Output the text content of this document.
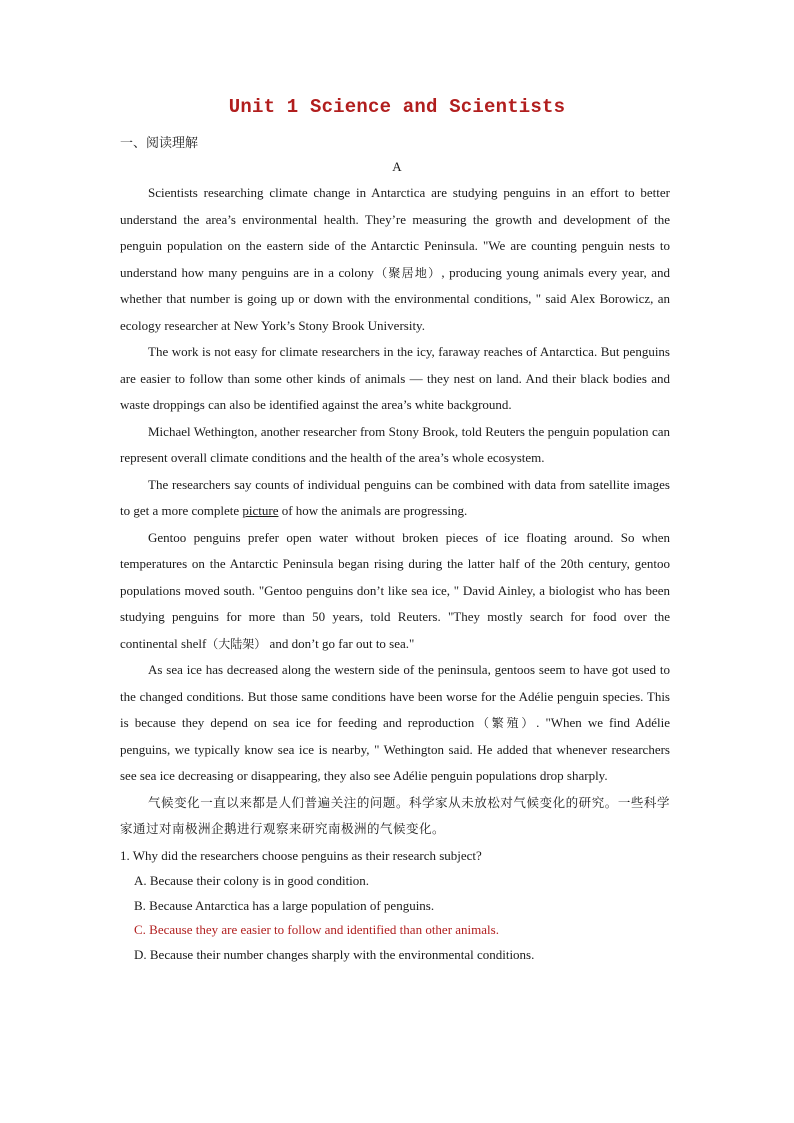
Unit 1 Science and Scientists
一、阅读理解
A

Scientists researching climate change in Antarctica are studying penguins in an effort to better understand the area’s environmental health. They’re measuring the growth and development of the penguin population on the eastern side of the Antarctic Peninsula. "We are counting penguin nests to understand how many penguins are in a colony（聚居地）, producing young animals every year, and whether that number is going up or down with the environmental conditions, " said Alex Borowicz, an ecology researcher at New York’s Stony Brook University.

The work is not easy for climate researchers in the icy, faraway reaches of Antarctica. But penguins are easier to follow than some other kinds of animals — they nest on land. And their black bodies and waste droppings can also be identified against the area’s white background.

Michael Wethington, another researcher from Stony Brook, told Reuters the penguin population can represent overall climate conditions and the health of the area’s whole ecosystem.

The researchers say counts of individual penguins can be combined with data from satellite images to get a more complete picture of how the animals are progressing.

Gentoo penguins prefer open water without broken pieces of ice floating around. So when temperatures on the Antarctic Peninsula began rising during the latter half of the 20th century, gentoo populations moved south. "Gentoo penguins don’t like sea ice, " David Ainley, a biologist who has been studying penguins for more than 50 years, told Reuters. "They mostly search for food over the continental shelf（大陆架） and don’t go far out to sea."

As sea ice has decreased along the western side of the peninsula, gentoos seem to have got used to the changed conditions. But those same conditions have been worse for the Adélie penguin species. This is because they depend on sea ice for feeding and reproduction（繁殖）. "When we find Adélie penguins, we typically know sea ice is nearby, " Wethington said. He added that whenever researchers see sea ice decreasing or disappearing, they also see Adélie penguin populations drop sharply.

气候变化一直以来都是人们普遍关注的问题。科学家从未放松对气候变化的研究。一些科学家通过对南极洲企鹅进行观察来研究南极洲的气候变化。

1. Why did the researchers choose penguins as their research subject?

A. Because their colony is in good condition.
B. Because Antarctica has a large population of penguins.
C. Because they are easier to follow and identified than other animals.
D. Because their number changes sharply with the environmental conditions.
